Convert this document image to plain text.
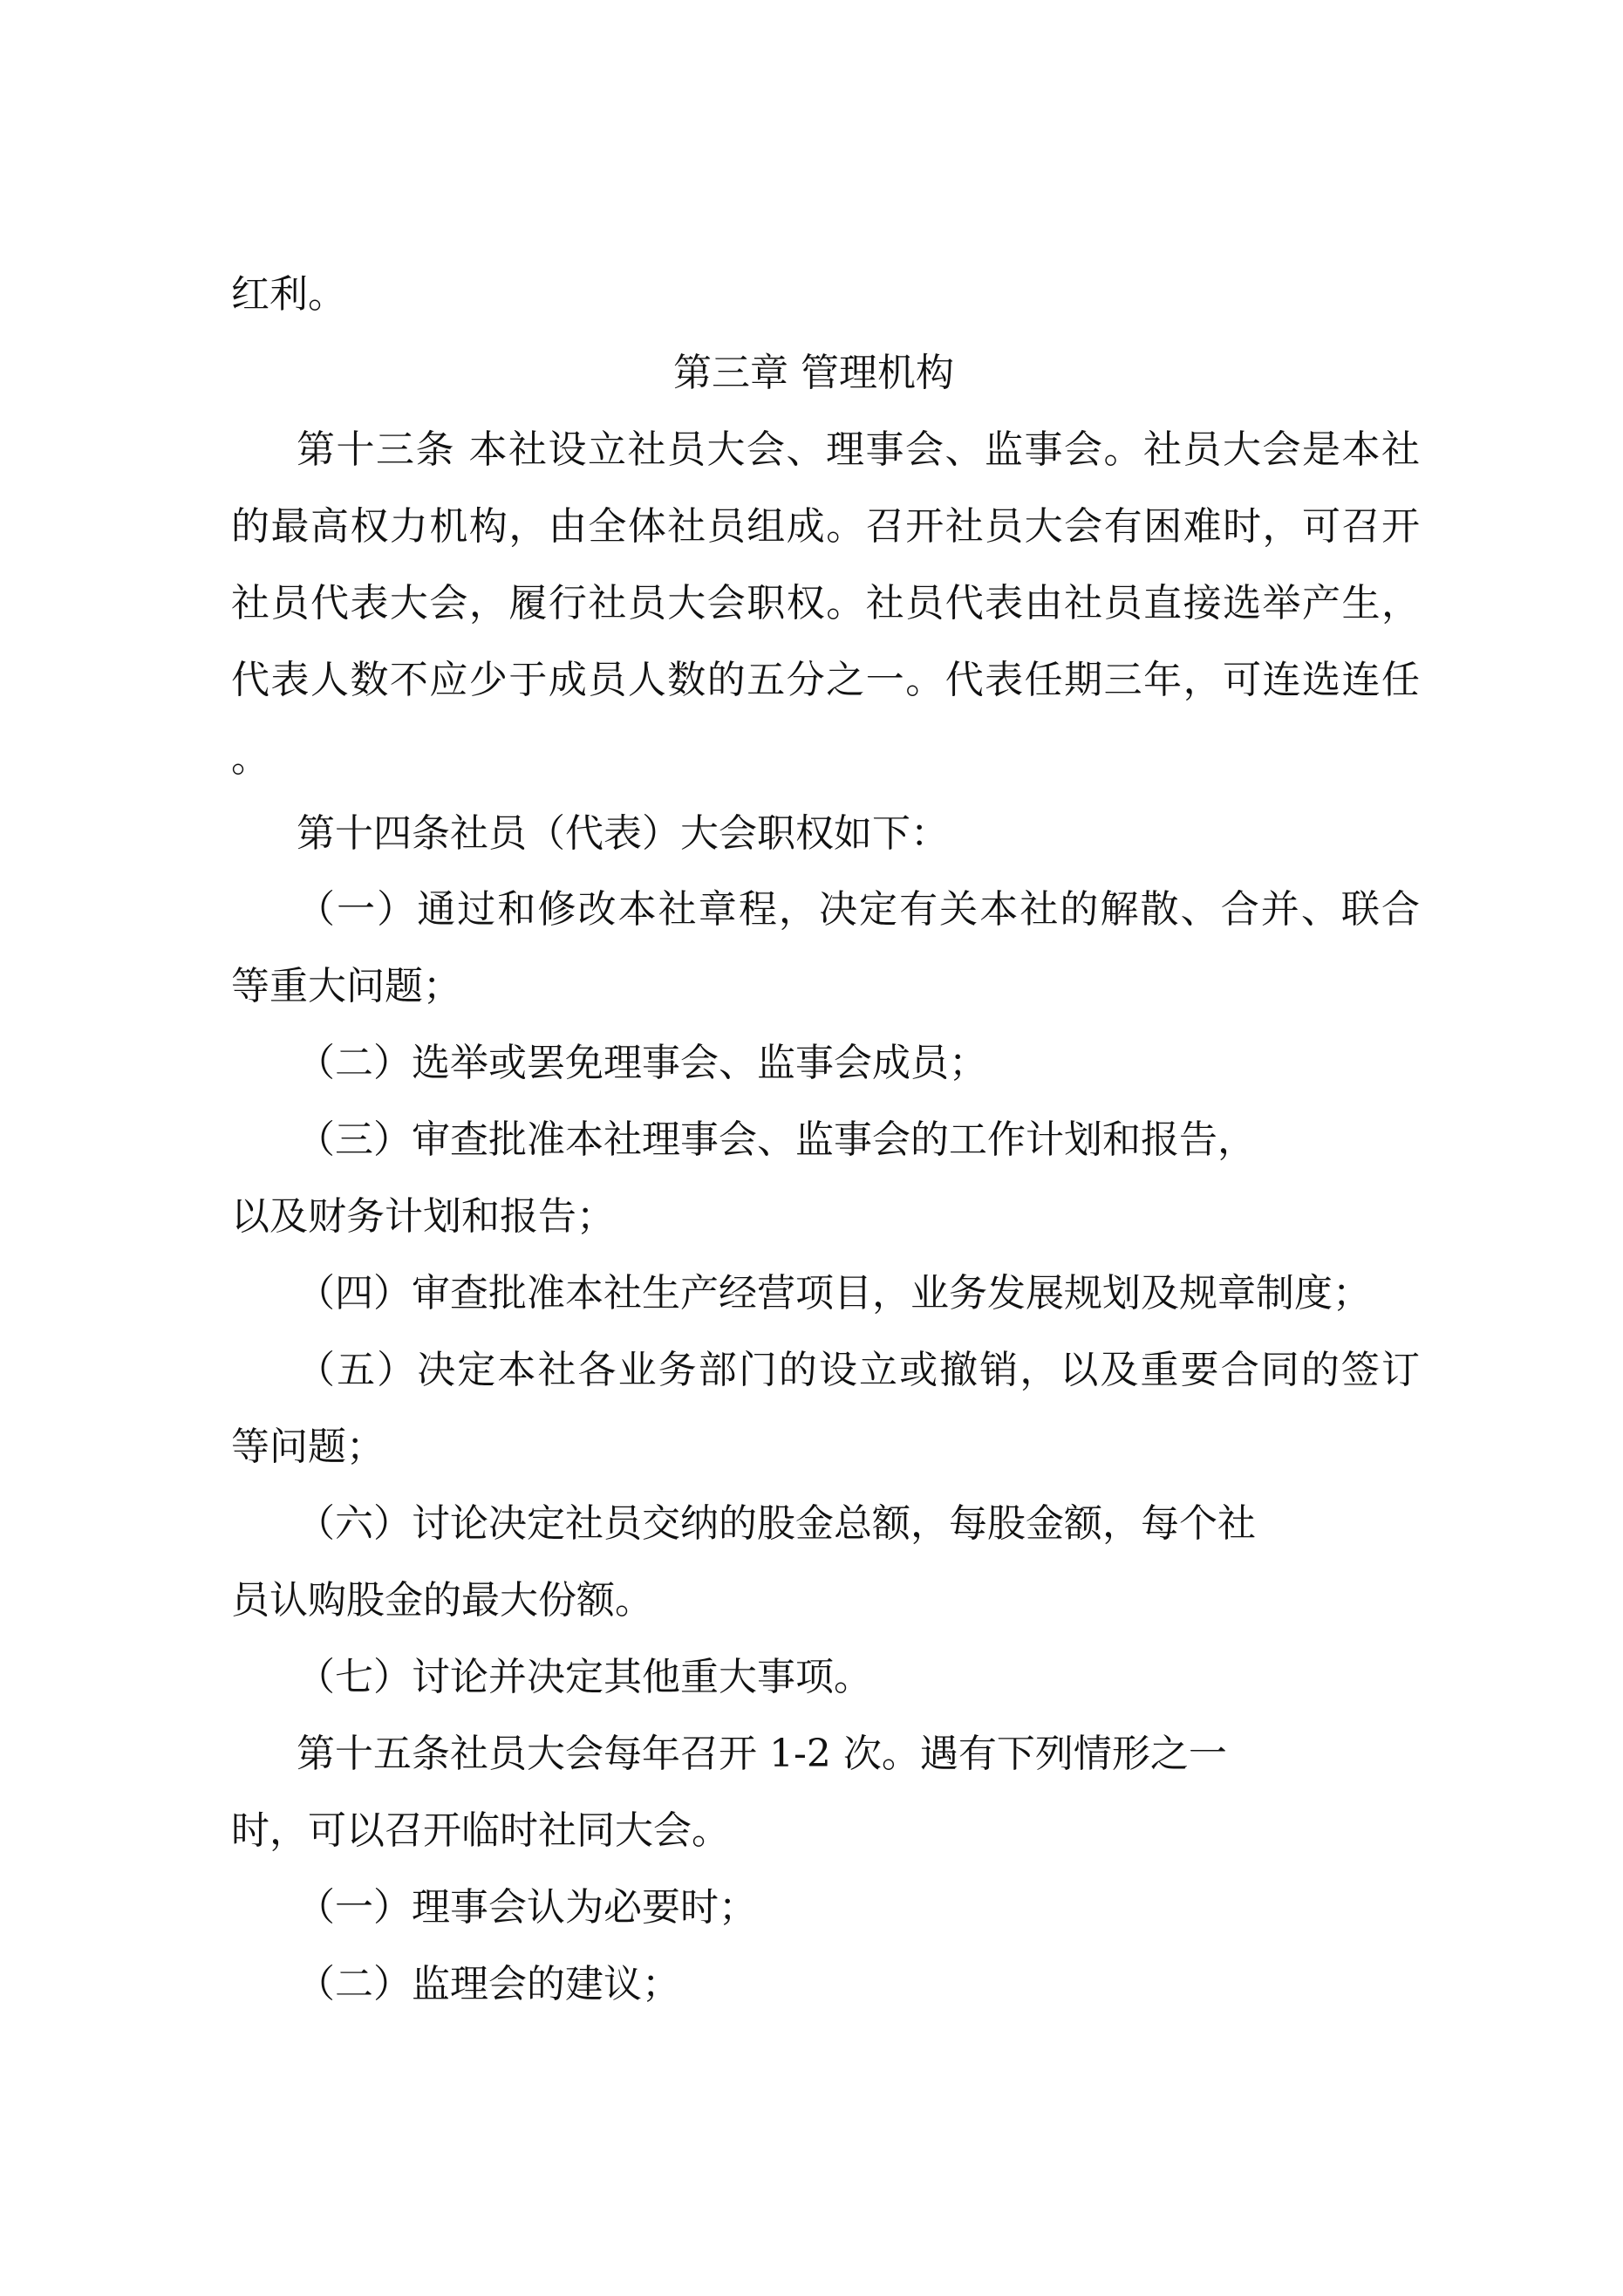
红利。
第三章 管理机构
第十三条 本社设立社员大会、理事会、监事会。社员大会是本社
的最高权力机构，由全体社员组成。召开社员大会有困难时，可召开
社员代表大会，履行社员大会职权。社员代表由社员直接选举产生，
代表人数不应少于成员人数的五分之一。代表任期三年，可连选连任
。
第十四条社员（代表）大会职权如下：
（一）通过和修改本社章程，决定有关本社的解散、合并、联合
等重大问题；
（二）选举或罢免理事会、监事会成员；
（三）审查批准本社理事会、监事会的工作计划和报告，
以及财务计划和报告；
（四）审查批准本社生产经营项目，业务发展规划及规章制度；
（五）决定本社各业务部门的设立或撤销，以及重要合同的签订
等问题；
（六）讨论决定社员交纳的股金总额，每股金额，每个社
员认购股金的最大份额。
（七）讨论并决定其他重大事项。
第十五条社员大会每年召开 1-2 次。遇有下列情形之一
时，可以召开临时社同大会。
（一）理事会认为必要时；
（二）监理会的建议；
